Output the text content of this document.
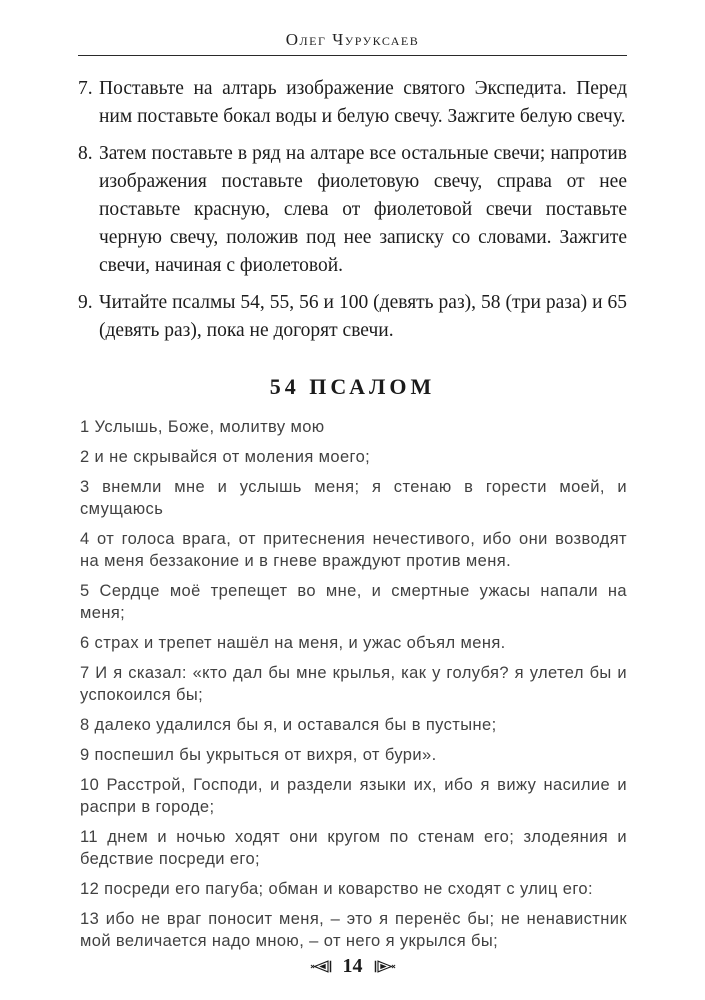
Олег Чуруксаев
7. Поставьте на алтарь изображение святого Экспедита. Перед ним поставьте бокал воды и белую свечу. Зажгите белую свечу.
8. Затем поставьте в ряд на алтаре все остальные свечи; напротив изображения поставьте фиолетовую свечу, справа от нее поставьте красную, слева от фиолетовой свечи поставьте черную свечу, положив под нее записку со словами. Зажгите свечи, начиная с фиолетовой.
9. Читайте псалмы 54, 55, 56 и 100 (девять раз), 58 (три раза) и 65 (девять раз), пока не догорят свечи.
54 ПСАЛОМ

1 Услышь, Боже, молитву мою

2 и не скрывайся от моления моего;

3 внемли мне и услышь меня; я стенаю в горести моей, и смущаюсь

4 от голоса врага, от притеснения нечестивого, ибо они возводят на меня беззаконие и в гневе враждуют против меня.

5 Сердце моё трепещет во мне, и смертные ужасы напали на меня;

6 страх и трепет нашёл на меня, и ужас объял меня.

7 И я сказал: «кто дал бы мне крылья, как у голубя? я улетел бы и успокоился бы;

8 далеко удалился бы я, и оставался бы в пустыне;

9 поспешил бы укрыться от вихря, от бури».

10 Расстрой, Господи, и раздели языки их, ибо я вижу насилие и распри в городе;

11 днем и ночью ходят они кругом по стенам его; злодеяния и бедствие посреди его;

12 посреди его пагуба; обман и коварство не сходят с улиц его:

13 ибо не враг поносит меня, – это я перенёс бы; не ненавистник мой величается надо мною, – от него я укрылся бы;

14
